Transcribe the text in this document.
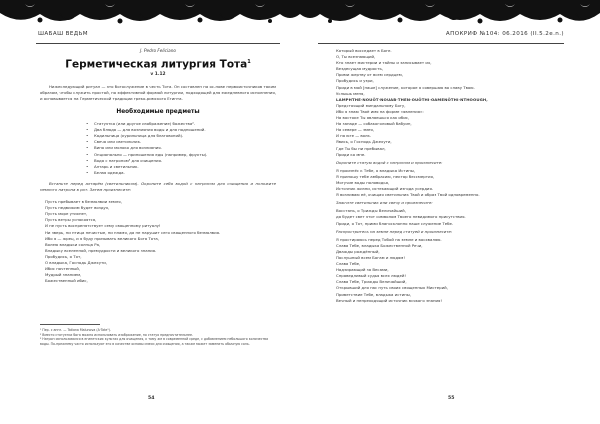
ШАБАШ ВЕДЬМ
J. Pedro Feliciano
Герметическая литургия Тота$^1$
v 1.12

Нижеследующий ритуал — это богослужение в честь Тота. Он составлен на ос-нове первоисточников таким образом, чтобы служить простой, но эффективной формой литургии, подходящей для ежедневного исполнения, и основывается на Герметической традиции греко-римского Египта.

Необходимые предметы
• Статуэтка (или другое изображение) божества².
• Два блюда — для возлияния воды и для подношений.
• Кадильница (курильница для благовоний).
• Свеча или светильник.
• Вино или молоко для возлияния.
• Опционально — приношения еды (например, фрукты).
• Вода с натроном³ для очищения.
• Алтарь и светильник.
• Белая одежда.

Встаньте перед алтарём (светильником). Окропите себя водой с натроном для очищения и положите немного натрона в рот. Затем произнесите:

Пусть пребывает в безмолвии земля,
Пусть недвижим будет воздух,
Пусть море утихнет,
Пусть ветры успокоятся,
И не пусть воспрепятствует сему священному ритуалу!
Ни зверь, ни птица нечистые, ни пламя, да не нарушит сего священного безмолвия.
Ибо я — жрец, и я буду призывать великого Бога Тота,
Волею владыки солнца Ра,
Владыку вселенной, премудрости и великого знания.
Пробудись, о Тот,
О владыка, Господь Джехути,
Ибис почтенный,
Мудрый знанием,
Божественный ибис,
¹ Пер. с англ. — Tatiana Malunova (A·Tate¹).
² Вместо статуэтки бога можно использовать изображение, но статуя предпочтительнее.
³ Натрон использовался в египетских культах для очищения, к тому же в современной среде, с добавлением небольшого количества воды. По-прежнему часто используют его в качестве основы смеси для очищения, а также может заменить обычную соль.
54
АПОКРИФ №104: 06.2016 (II.5.2e.n.)
Который восседает в Боге.
О, Ты всезнающий,
Кто знает мистерии и тайны и записывает их,
Вездесущая мудрость,
Прими жертву от всем сердцем,
Пробудись и узри,
Приди в мой [наше] служение, которое я совершаю во славу Твою.
Услышь меня,
LAMPHTHE·NOUŌT·NOUAB·THEN·OUŌTHI·OAMENŌTHI·NTHOOUGH,
Предстоящий миндальному Богу,
Ибо я знаю Твоё имя на форме «явления»:
На востоке Ты являешься как ибис,
На западе — собакоголовый бабуин,
На севере — змея,
И на юге — волк.
Явись, о Господь Джехути,
Где Ты бы ни пребывал,
Приди ко мне.
Окропите статую водой с натроном и произнесите:
Я произнёс к Тебе, о владыка Истины,
Я приношу тебе амбрасию, нектар бессмертия,
Могучие воды половодья,
Источник жизни, истекающий изгода усердия.
Я возливаю её, очищая светильник Твой и образ Твой одновременно.
Зажгите светильник или свечу и произнесите:
Восстань, о Трижды Величайший,
да будет свет этот символом Твоего невидимого присутствия.
Приди, о Тот, прими благосклонно наше служение Тебе.
Распростритесь на земле перед статуей и произнесите:
Я простираюсь перед Тобой на земле и восхваляю.
Слава Тебе, владыка Божественной Речи,
Дважды рождённый,
Послушный всем Богам и людям!
Слава Тебе,
Надзирающий за Весами,
Справедливый судья всех людей!
Слава Тебе, Трижды Величайший,
Открывший для нас путь своих священных Мистерий,
Приветствие Тебе, владыка истины,
Вечный и непреходящий источник всякого знания!
55
